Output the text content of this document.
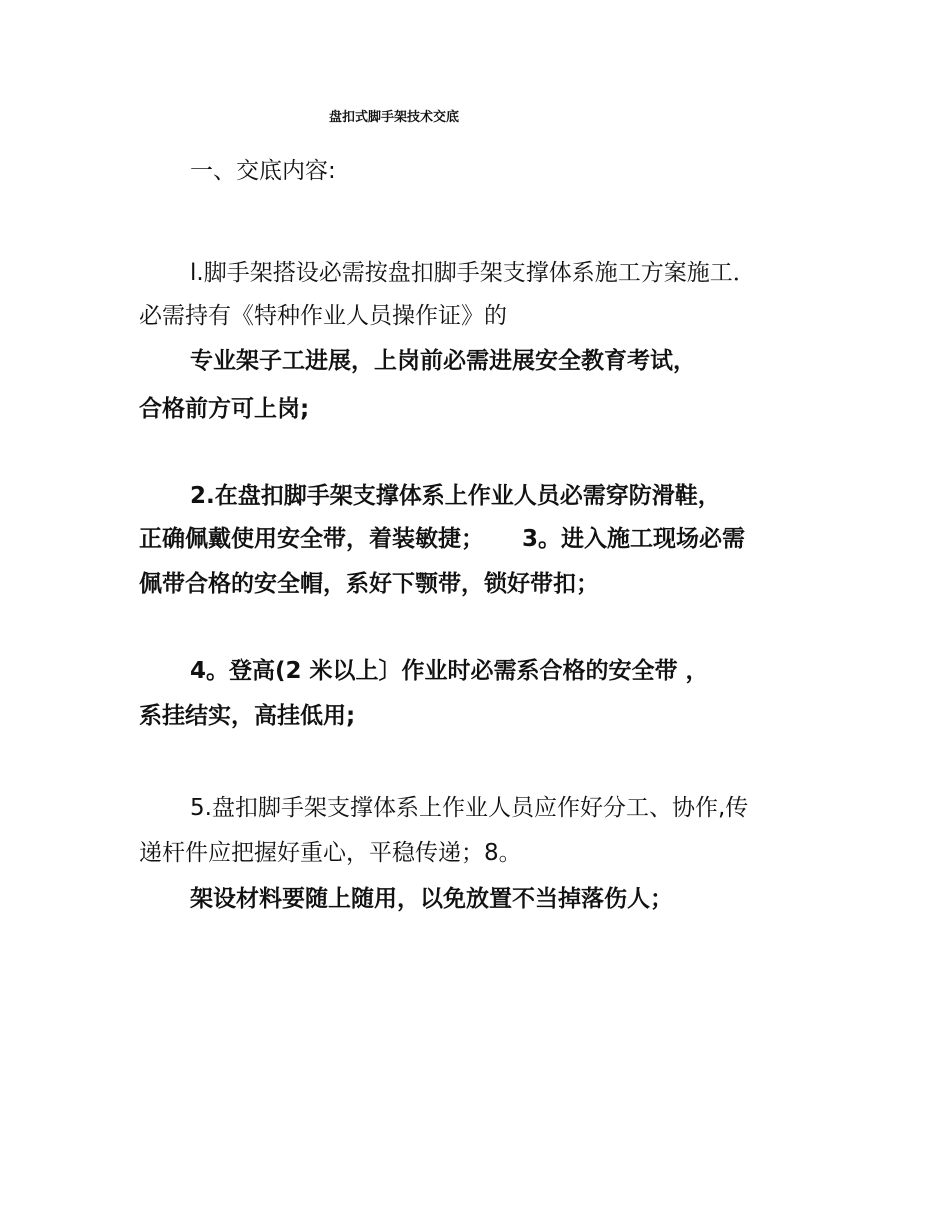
盘扣式脚手架技术交底

一、交底内容:

l.脚手架搭设必需按盘扣脚手架支撑体系施工方案施工．

必需持有《特种作业人员操作证》的

专业架子工进展，上岗前必需进展安全教育考试，

合格前方可上岗;

2.在盘扣脚手架支撑体系上作业人员必需穿防滑鞋，

正确佩戴使用安全带，着装敏捷； 3。进入施工现场必需

佩带合格的安全帽，系好下颚带，锁好带扣；

4。登高(2 米以上〕作业时必需系合格的安全带 ，

系挂结实，高挂低用;

5.盘扣脚手架支撑体系上作业人员应作好分工、协作,传

递杆件应把握好重心，平稳传递；8。

架设材料要随上随用，以免放置不当掉落伤人；
